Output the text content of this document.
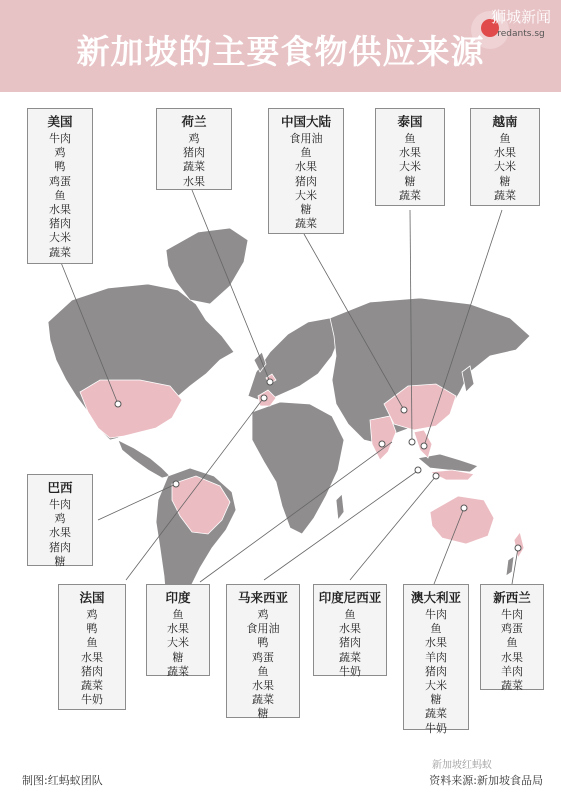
新加坡的主要食物供应来源
狮城新闻
redants.sg
美国
牛肉
鸡
鸭
鸡蛋
鱼
水果
猪肉
大米
蔬菜
荷兰
鸡
猪肉
蔬菜
水果
中国大陆
食用油
鱼
水果
猪肉
大米
糖
蔬菜
泰国
鱼
水果
大米
糖
蔬菜
越南
鱼
水果
大米
糖
蔬菜
巴西
牛肉
鸡
水果
猪肉
糖
法国
鸡
鸭
鱼
水果
猪肉
蔬菜
牛奶
印度
鱼
水果
大米
糖
蔬菜
马来西亚
鸡
食用油
鸭
鸡蛋
鱼
水果
蔬菜
糖
印度尼西亚
鱼
水果
猪肉
蔬菜
牛奶
澳大利亚
牛肉
鱼
水果
羊肉
猪肉
大米
糖
蔬菜
牛奶
新西兰
牛肉
鸡蛋
鱼
水果
羊肉
蔬菜
新加坡红蚂蚁
制图:红蚂蚁团队	资料来源:新加坡食品局
